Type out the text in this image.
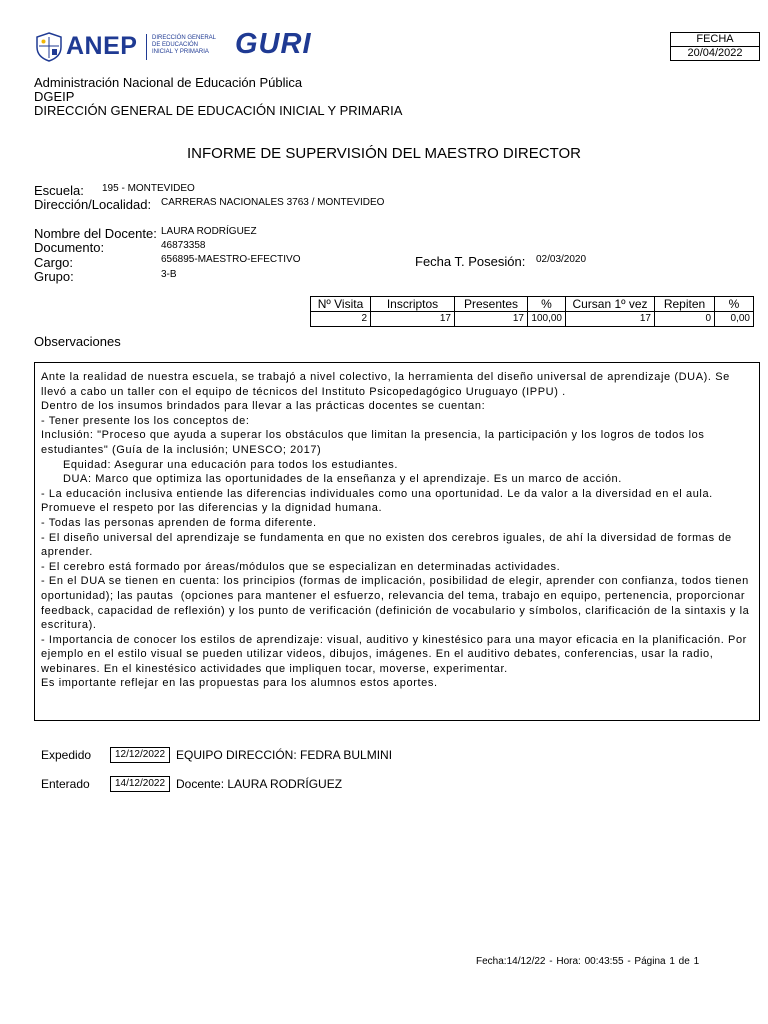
ANEP DIRECCIÓN GENERAL
DE EDUCACIÓN
INICIAL Y PRIMARIA GURI	FECHA
20/04/2022
Administración Nacional de Educación Pública
DGEIP
DIRECCIÓN GENERAL DE EDUCACIÓN INICIAL Y PRIMARIA
INFORME DE SUPERVISIÓN DEL MAESTRO DIRECTOR
Escuela: 195 - MONTEVIDEO
Dirección/Localidad: CARRERAS NACIONALES 3763 / MONTEVIDEO
Nombre del Docente: LAURA RODRÍGUEZ
Documento:	46873358
Cargo:	656895-MAESTRO-EFECTIVO
Grupo:	3-B
Fecha T. Posesión: 02/03/2020
Nº Visita	Inscriptos	Presentes	%	Cursan 1º vez	Repiten	%
2	17	17	100,00	17	0	0,00
Observaciones
Ante la realidad de nuestra escuela, se trabajó a nivel colectivo, la herramienta del diseño universal de aprendizaje (DUA). Se llevó a cabo un taller con el equipo de técnicos del Instituto Psicopedagógico Uruguayo (IPPU) .
Dentro de los insumos brindados para llevar a las prácticas docentes se cuentan:
- Tener presente los los conceptos de:
Inclusión: "Proceso que ayuda a superar los obstáculos que limitan la presencia, la participación y los logros de todos los estudiantes" (Guía de la inclusión; UNESCO; 2017)
Equidad: Asegurar una educación para todos los estudiantes.
DUA: Marco que optimiza las oportunidades de la enseñanza y el aprendizaje. Es un marco de acción.
- La educación inclusiva entiende las diferencias individuales como una oportunidad. Le da valor a la diversidad en el aula. Promueve el respeto por las diferencias y la dignidad humana.
- Todas las personas aprenden de forma diferente.
- El diseño universal del aprendizaje se fundamenta en que no existen dos cerebros iguales, de ahí la diversidad de formas de aprender.
- El cerebro está formado por áreas/módulos que se especializan en determinadas actividades.
- En el DUA se tienen en cuenta: los principios (formas de implicación, posibilidad de elegir, aprender con confianza, todos tienen oportunidad); las pautas  (opciones para mantener el esfuerzo, relevancia del tema, trabajo en equipo, pertenencia, proporcionar feedback, capacidad de reflexión) y los punto de verificación (definición de vocabulario y símbolos, clarificación de la sintaxis y la escritura).
- Importancia de conocer los estilos de aprendizaje: visual, auditivo y kinestésico para una mayor eficacia en la planificación. Por ejemplo en el estilo visual se pueden utilizar videos, dibujos, imágenes. En el auditivo debates, conferencias, usar la radio, webinares. En el kinestésico actividades que impliquen tocar, moverse, experimentar.
Es importante reflejar en las propuestas para los alumnos estos aportes.
Expedido	12/12/2022 EQUIPO DIRECCIÓN: FEDRA BULMINI
Enterado	14/12/2022 Docente: LAURA RODRÍGUEZ
Fecha:14/12/22 - Hora: 00:43:55 - Página 1 de 1
